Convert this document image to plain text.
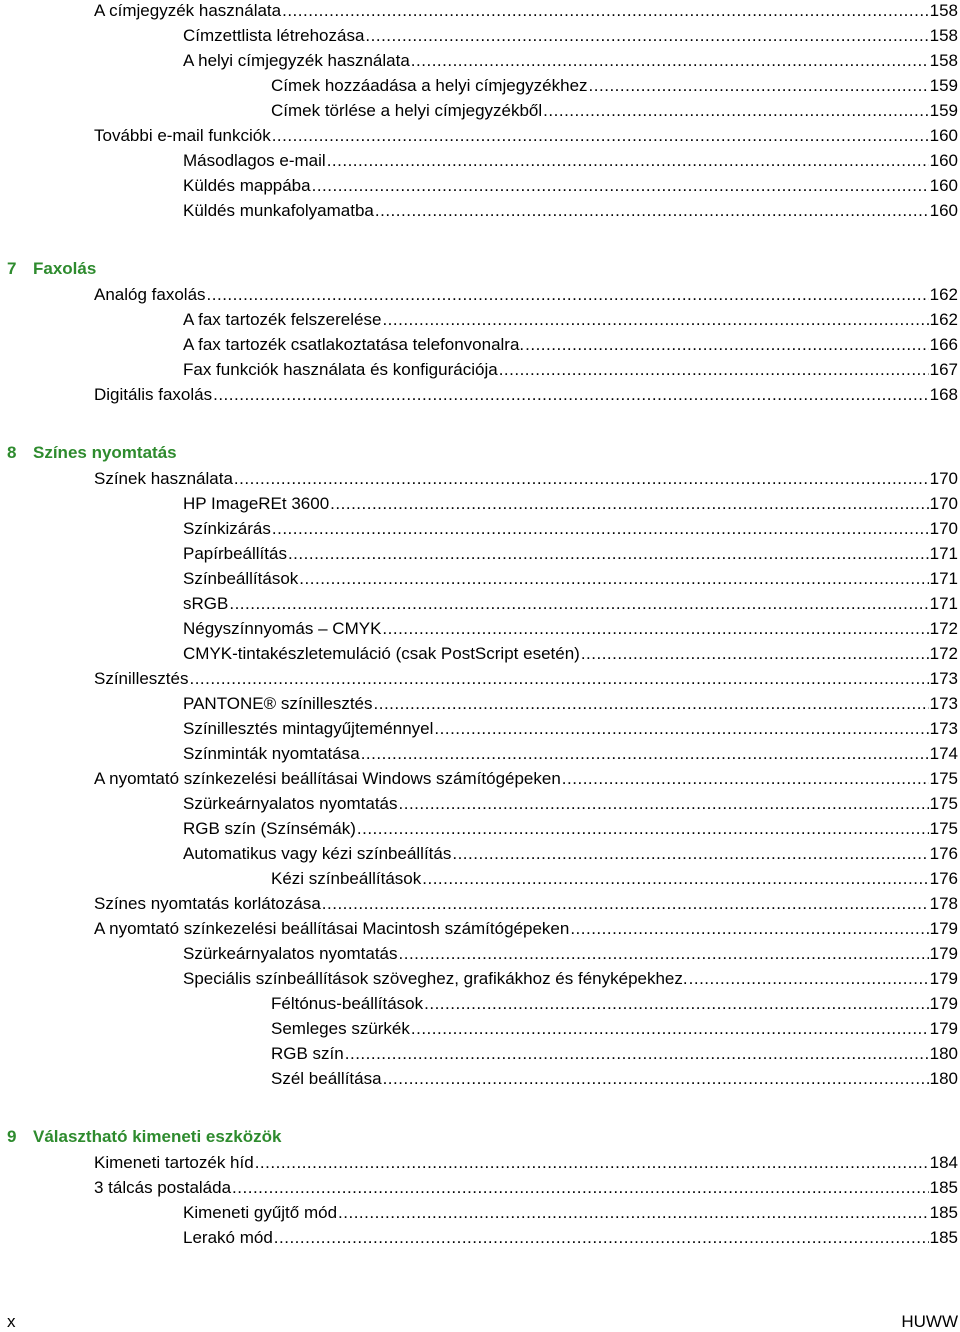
A címjegyzék használata .....	158
Címzettlista létrehozása .....	158
A helyi címjegyzék használata .....	158
Címek hozzáadása a helyi címjegyzékhez .....	159
Címek törlése a helyi címjegyzékből .....	159
További e-mail funkciók .....	160
Másodlagos e-mail .....	160
Küldés mappába .....	160
Küldés munkafolyamatba .....	160
7 Faxolás
Analóg faxolás .....	162
A fax tartozék felszerelése .....	162
A fax tartozék csatlakoztatása telefonvonalra. .....	166
Fax funkciók használata és konfigurációja .....	167
Digitális faxolás .....	168
8 Színes nyomtatás
Színek használata .....	170
HP ImageREt 3600 .....	170
Színkizárás .....	170
Papírbeállítás .....	171
Színbeállítások .....	171
sRGB .....	171
Négyszínnyomás – CMYK .....	172
CMYK-tintakészletemuláció (csak PostScript esetén) .....	172
Színillesztés .....	173
PANTONE® színillesztés .....	173
Színillesztés mintagyűjteménnyel .....	173
Színminták nyomtatása .....	174
A nyomtató színkezelési beállításai Windows számítógépeken .....	175
Szürkeárnyalatos nyomtatás .....	175
RGB szín (Színsémák) .....	175
Automatikus vagy kézi színbeállítás .....	176
Kézi színbeállítások .....	176
Színes nyomtatás korlátozása .....	178
A nyomtató színkezelési beállításai Macintosh számítógépeken .....	179
Szürkeárnyalatos nyomtatás .....	179
Speciális színbeállítások szöveghez, grafikákhoz és fényképekhez. .....	179
Féltónus-beállítások .....	179
Semleges szürkék .....	179
RGB szín .....	180
Szél beállítása .....	180
9 Választható kimeneti eszközök
Kimeneti tartozék híd .....	184
3 tálcás postaláda .....	185
Kimeneti gyűjtő mód .....	185
Lerakó mód .....	185
x	HUWW
